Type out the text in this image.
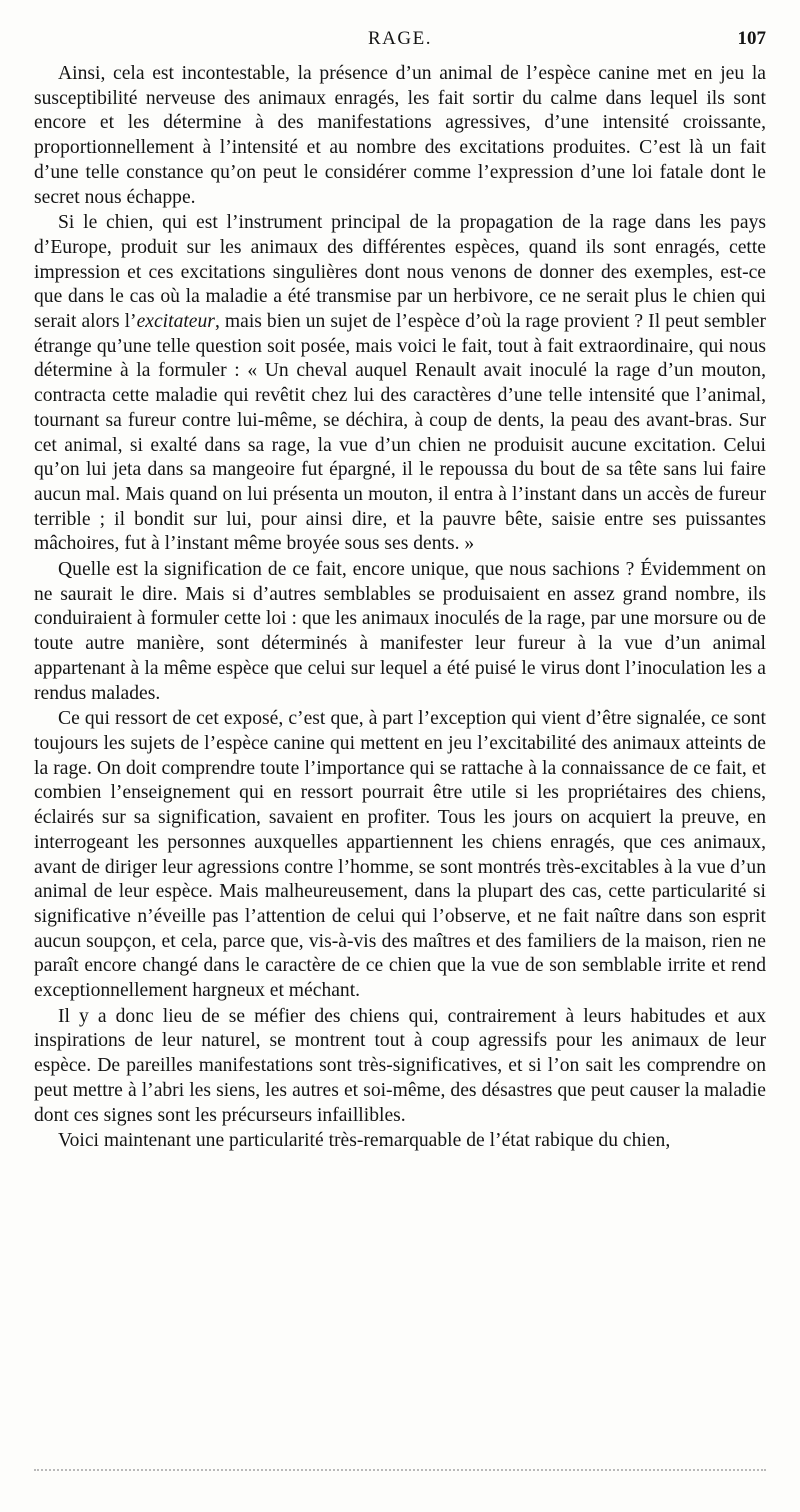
RAGE.	107

Ainsi, cela est incontestable, la présence d’un animal de l’espèce canine met en jeu la susceptibilité nerveuse des animaux enragés, les fait sortir du calme dans lequel ils sont encore et les détermine à des manifestations agressives, d’une intensité croissante, proportionnellement à l’intensité et au nombre des excitations produites. C’est là un fait d’une telle constance qu’on peut le considérer comme l’expression d’une loi fatale dont le secret nous échappe.

Si le chien, qui est l’instrument principal de la propagation de la rage dans les pays d’Europe, produit sur les animaux des différentes espèces, quand ils sont enragés, cette impression et ces excitations singulières dont nous venons de donner des exemples, est-ce que dans le cas où la maladie a été transmise par un herbivore, ce ne serait plus le chien qui serait alors l’excitateur, mais bien un sujet de l’espèce d’où la rage provient ? Il peut sembler étrange qu’une telle question soit posée, mais voici le fait, tout à fait extraordinaire, qui nous détermine à la formuler : « Un cheval auquel Renault avait inoculé la rage d’un mouton, contracta cette maladie qui revêtit chez lui des caractères d’une telle intensité que l’animal, tournant sa fureur contre lui-même, se déchira, à coup de dents, la peau des avant-bras. Sur cet animal, si exalté dans sa rage, la vue d’un chien ne produisit aucune excitation. Celui qu’on lui jeta dans sa mangeoire fut épargné, il le repoussa du bout de sa tête sans lui faire aucun mal. Mais quand on lui présenta un mouton, il entra à l’instant dans un accès de fureur terrible ; il bondit sur lui, pour ainsi dire, et la pauvre bête, saisie entre ses puissantes mâchoires, fut à l’instant même broyée sous ses dents. »

Quelle est la signification de ce fait, encore unique, que nous sachions ? Évidemment on ne saurait le dire. Mais si d’autres semblables se produisaient en assez grand nombre, ils conduiraient à formuler cette loi : que les animaux inoculés de la rage, par une morsure ou de toute autre manière, sont déterminés à manifester leur fureur à la vue d’un animal appartenant à la même espèce que celui sur lequel a été puisé le virus dont l’inoculation les a rendus malades.

Ce qui ressort de cet exposé, c’est que, à part l’exception qui vient d’être signalée, ce sont toujours les sujets de l’espèce canine qui mettent en jeu l’excitabilité des animaux atteints de la rage. On doit comprendre toute l’importance qui se rattache à la connaissance de ce fait, et combien l’enseignement qui en ressort pourrait être utile si les propriétaires des chiens, éclairés sur sa signification, savaient en profiter. Tous les jours on acquiert la preuve, en interrogeant les personnes auxquelles appartiennent les chiens enragés, que ces animaux, avant de diriger leur agressions contre l’homme, se sont montrés très-excitables à la vue d’un animal de leur espèce. Mais malheureusement, dans la plupart des cas, cette particularité si significative n’éveille pas l’attention de celui qui l’observe, et ne fait naître dans son esprit aucun soupçon, et cela, parce que, vis-à-vis des maîtres et des familiers de la maison, rien ne paraît encore changé dans le caractère de ce chien que la vue de son semblable irrite et rend exceptionnellement hargneux et méchant.

Il y a donc lieu de se méfier des chiens qui, contrairement à leurs habitudes et aux inspirations de leur naturel, se montrent tout à coup agressifs pour les animaux de leur espèce. De pareilles manifestations sont très-significatives, et si l’on sait les comprendre on peut mettre à l’abri les siens, les autres et soi-même, des désastres que peut causer la maladie dont ces signes sont les précurseurs infaillibles.

Voici maintenant une particularité très-remarquable de l’état rabique du chien,
